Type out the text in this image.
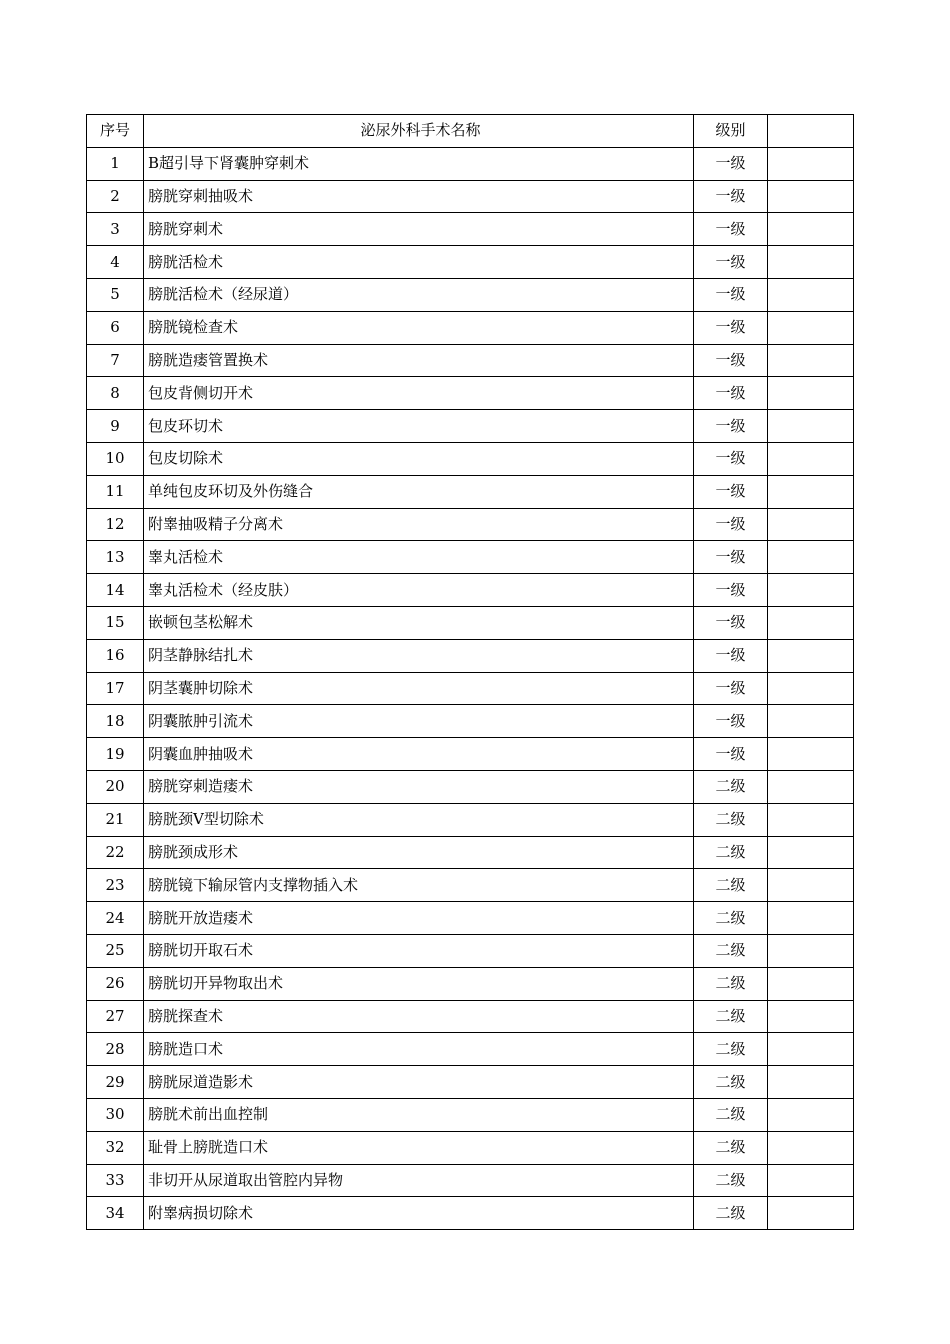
序号	泌尿外科手术名称	级别	
1	B超引导下肾囊肿穿刺术	一级	
2	膀胱穿刺抽吸术	一级	
3	膀胱穿刺术	一级	
4	膀胱活检术	一级	
5	膀胱活检术（经尿道）	一级	
6	膀胱镜检查术	一级	
7	膀胱造瘘管置换术	一级	
8	包皮背侧切开术	一级	
9	包皮环切术	一级	
10	包皮切除术	一级	
11	单纯包皮环切及外伤缝合	一级	
12	附睾抽吸精子分离术	一级	
13	睾丸活检术	一级	
14	睾丸活检术（经皮肤）	一级	
15	嵌顿包茎松解术	一级	
16	阴茎静脉结扎术	一级	
17	阴茎囊肿切除术	一级	
18	阴囊脓肿引流术	一级	
19	阴囊血肿抽吸术	一级	
20	膀胱穿刺造瘘术	二级	
21	膀胱颈V型切除术	二级	
22	膀胱颈成形术	二级	
23	膀胱镜下输尿管内支撑物插入术	二级	
24	膀胱开放造瘘术	二级	
25	膀胱切开取石术	二级	
26	膀胱切开异物取出术	二级	
27	膀胱探查术	二级	
28	膀胱造口术	二级	
29	膀胱尿道造影术	二级	
30	膀胱术前出血控制	二级	
32	耻骨上膀胱造口术	二级	
33	非切开从尿道取出管腔内异物	二级	
34	附睾病损切除术	二级	
